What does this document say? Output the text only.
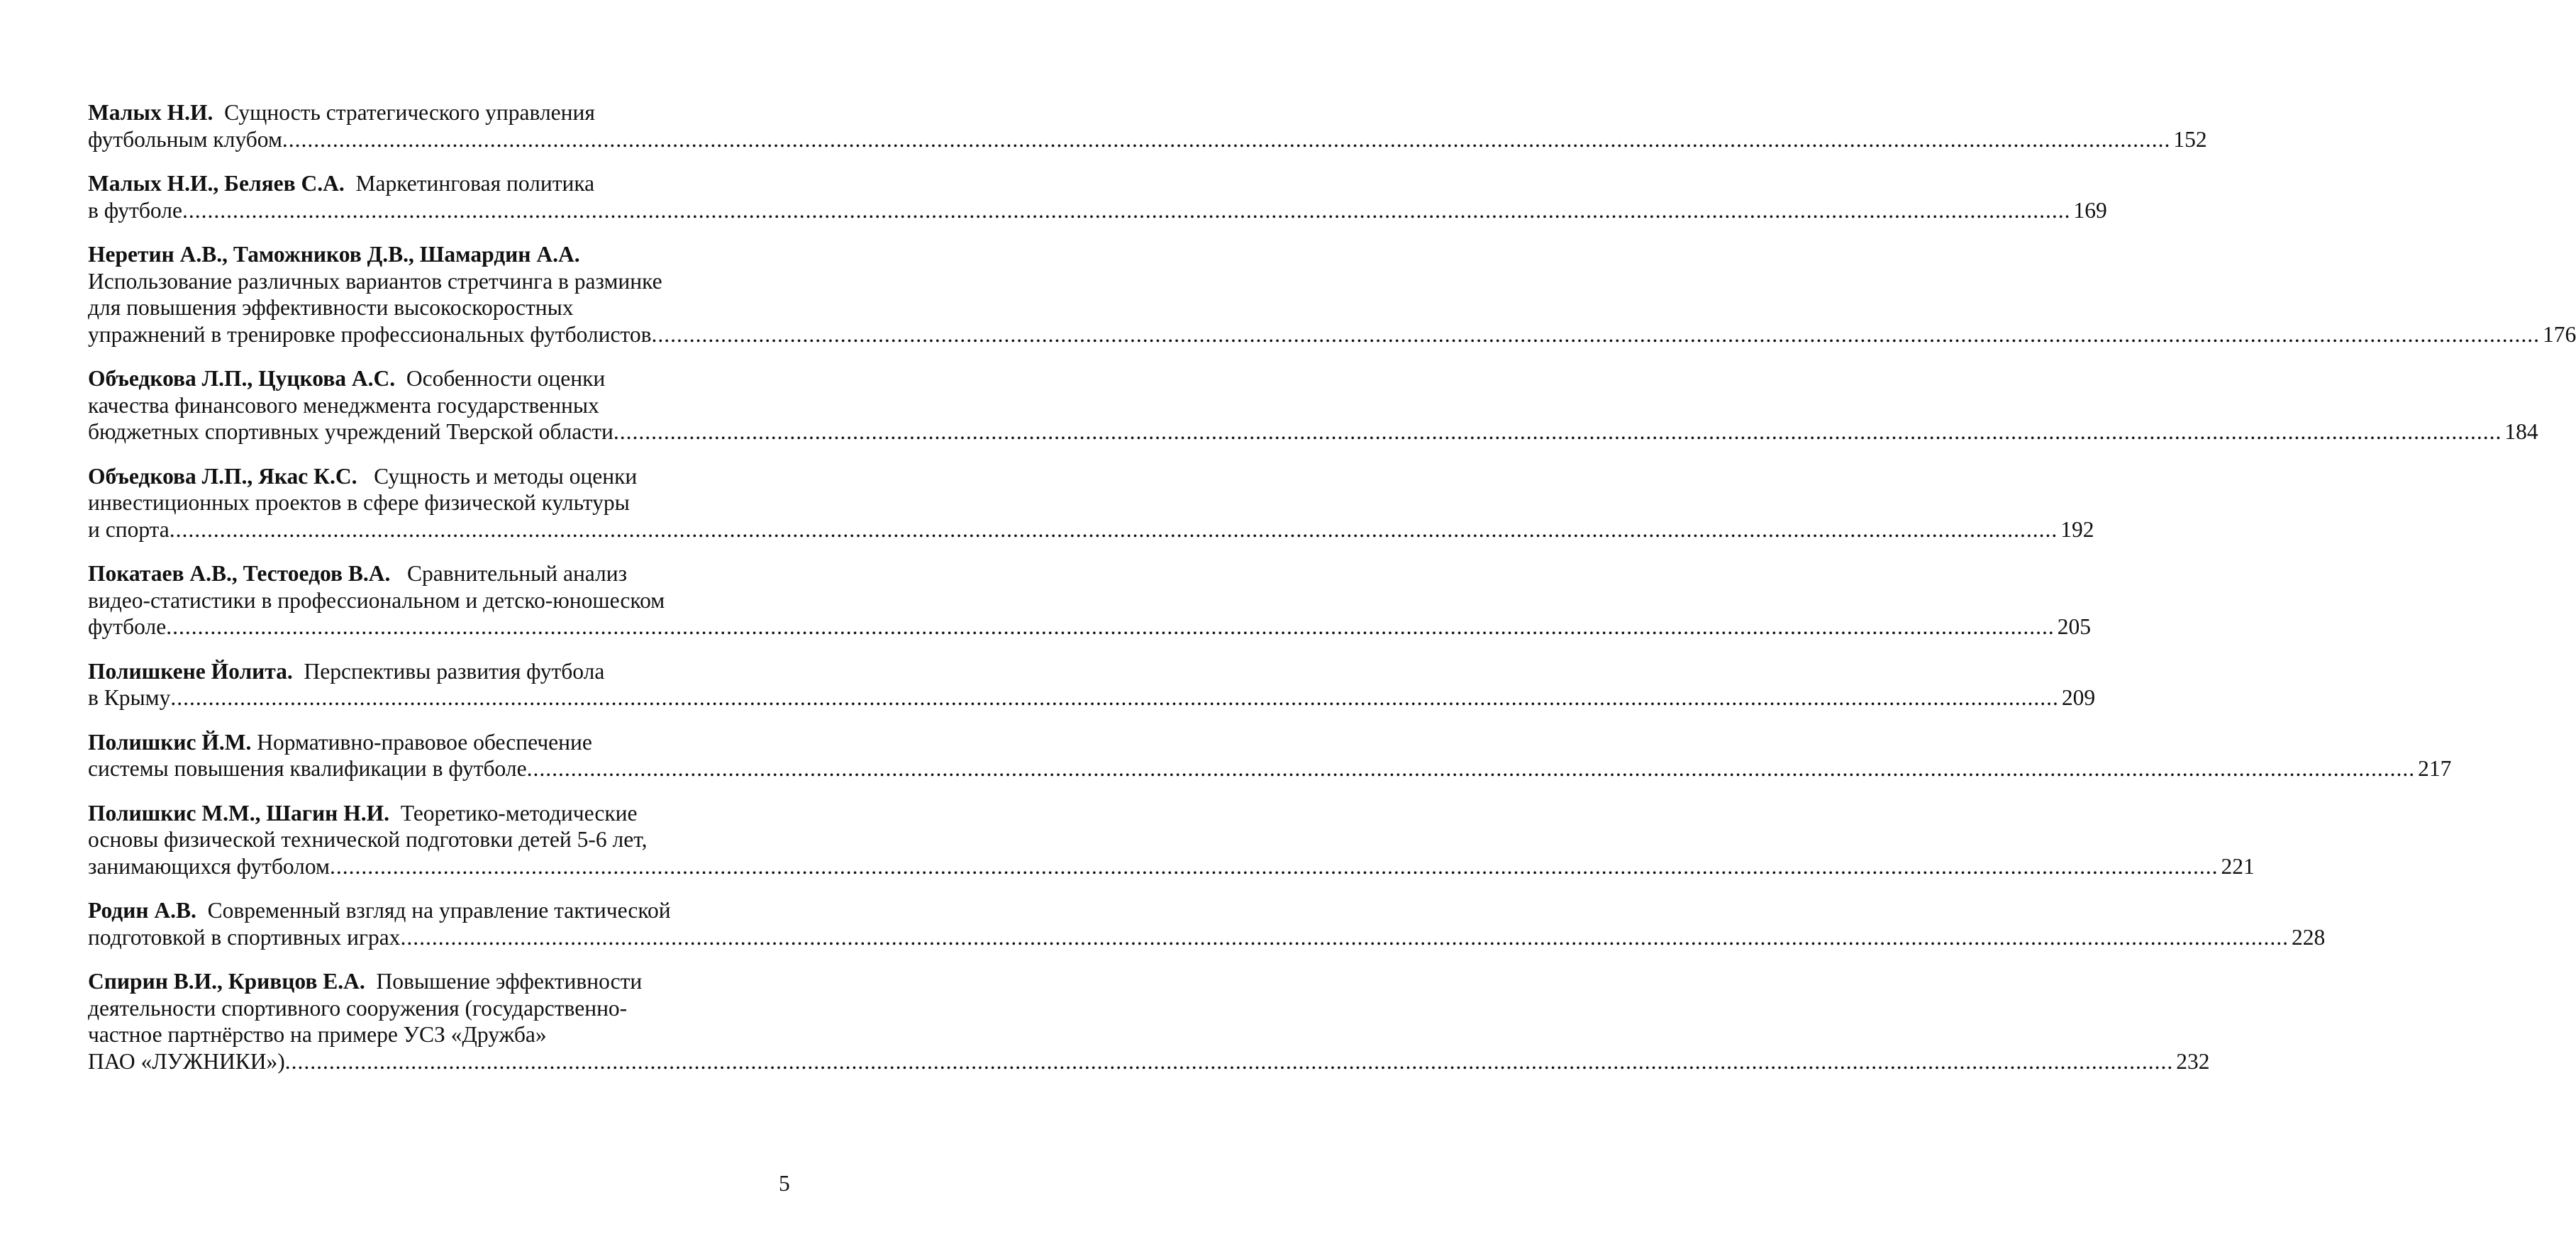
Малых Н.И. Сущность стратегического управления
футбольным клубом ............................................................................................................................................................................................................................................................................................................ 152
Малых Н.И., Беляев С.А. Маркетинговая политика
в футболе ............................................................................................................................................................................................................................................................................................................ 169
Неретин А.В., Таможников Д.В., Шамардин А.А.
Использование различных вариантов стретчинга в разминке
для повышения эффективности высокоскоростных
упражнений в тренировке профессиональных футболистов ............................................................................................................................................................................................................................................................................................................ 176
Объедкова Л.П., Цуцкова А.С. Особенности оценки
качества финансового менеджмента государственных
бюджетных спортивных учреждений Тверской области ............................................................................................................................................................................................................................................................................................................ 184
Объедкова Л.П., Якас К.С. Сущность и методы оценки
инвестиционных проектов в сфере физической культуры
и спорта ............................................................................................................................................................................................................................................................................................................ 192
Покатаев А.В., Тестоедов В.А. Сравнительный анализ
видео-статистики в профессиональном и детско-юношеском
футболе ............................................................................................................................................................................................................................................................................................................ 205
Полишкене Йолита. Перспективы развития футбола
в Крыму ............................................................................................................................................................................................................................................................................................................ 209
Полишкис Й.М. Нормативно-правовое обеспечение
системы повышения квалификации в футболе ............................................................................................................................................................................................................................................................................................................ 217
Полишкис М.М., Шагин Н.И. Теоретико-методические
основы физической технической подготовки детей 5-6 лет,
занимающихся футболом ............................................................................................................................................................................................................................................................................................................ 221
Родин А.В. Современный взгляд на управление тактической
подготовкой в спортивных играх ............................................................................................................................................................................................................................................................................................................ 228
Спирин В.И., Кривцов Е.А. Повышение эффективности
деятельности спортивного сооружения (государственно-
частное партнёрство на примере УСЗ «Дружба»
ПАО «ЛУЖНИКИ») ............................................................................................................................................................................................................................................................................................................ 232
5
